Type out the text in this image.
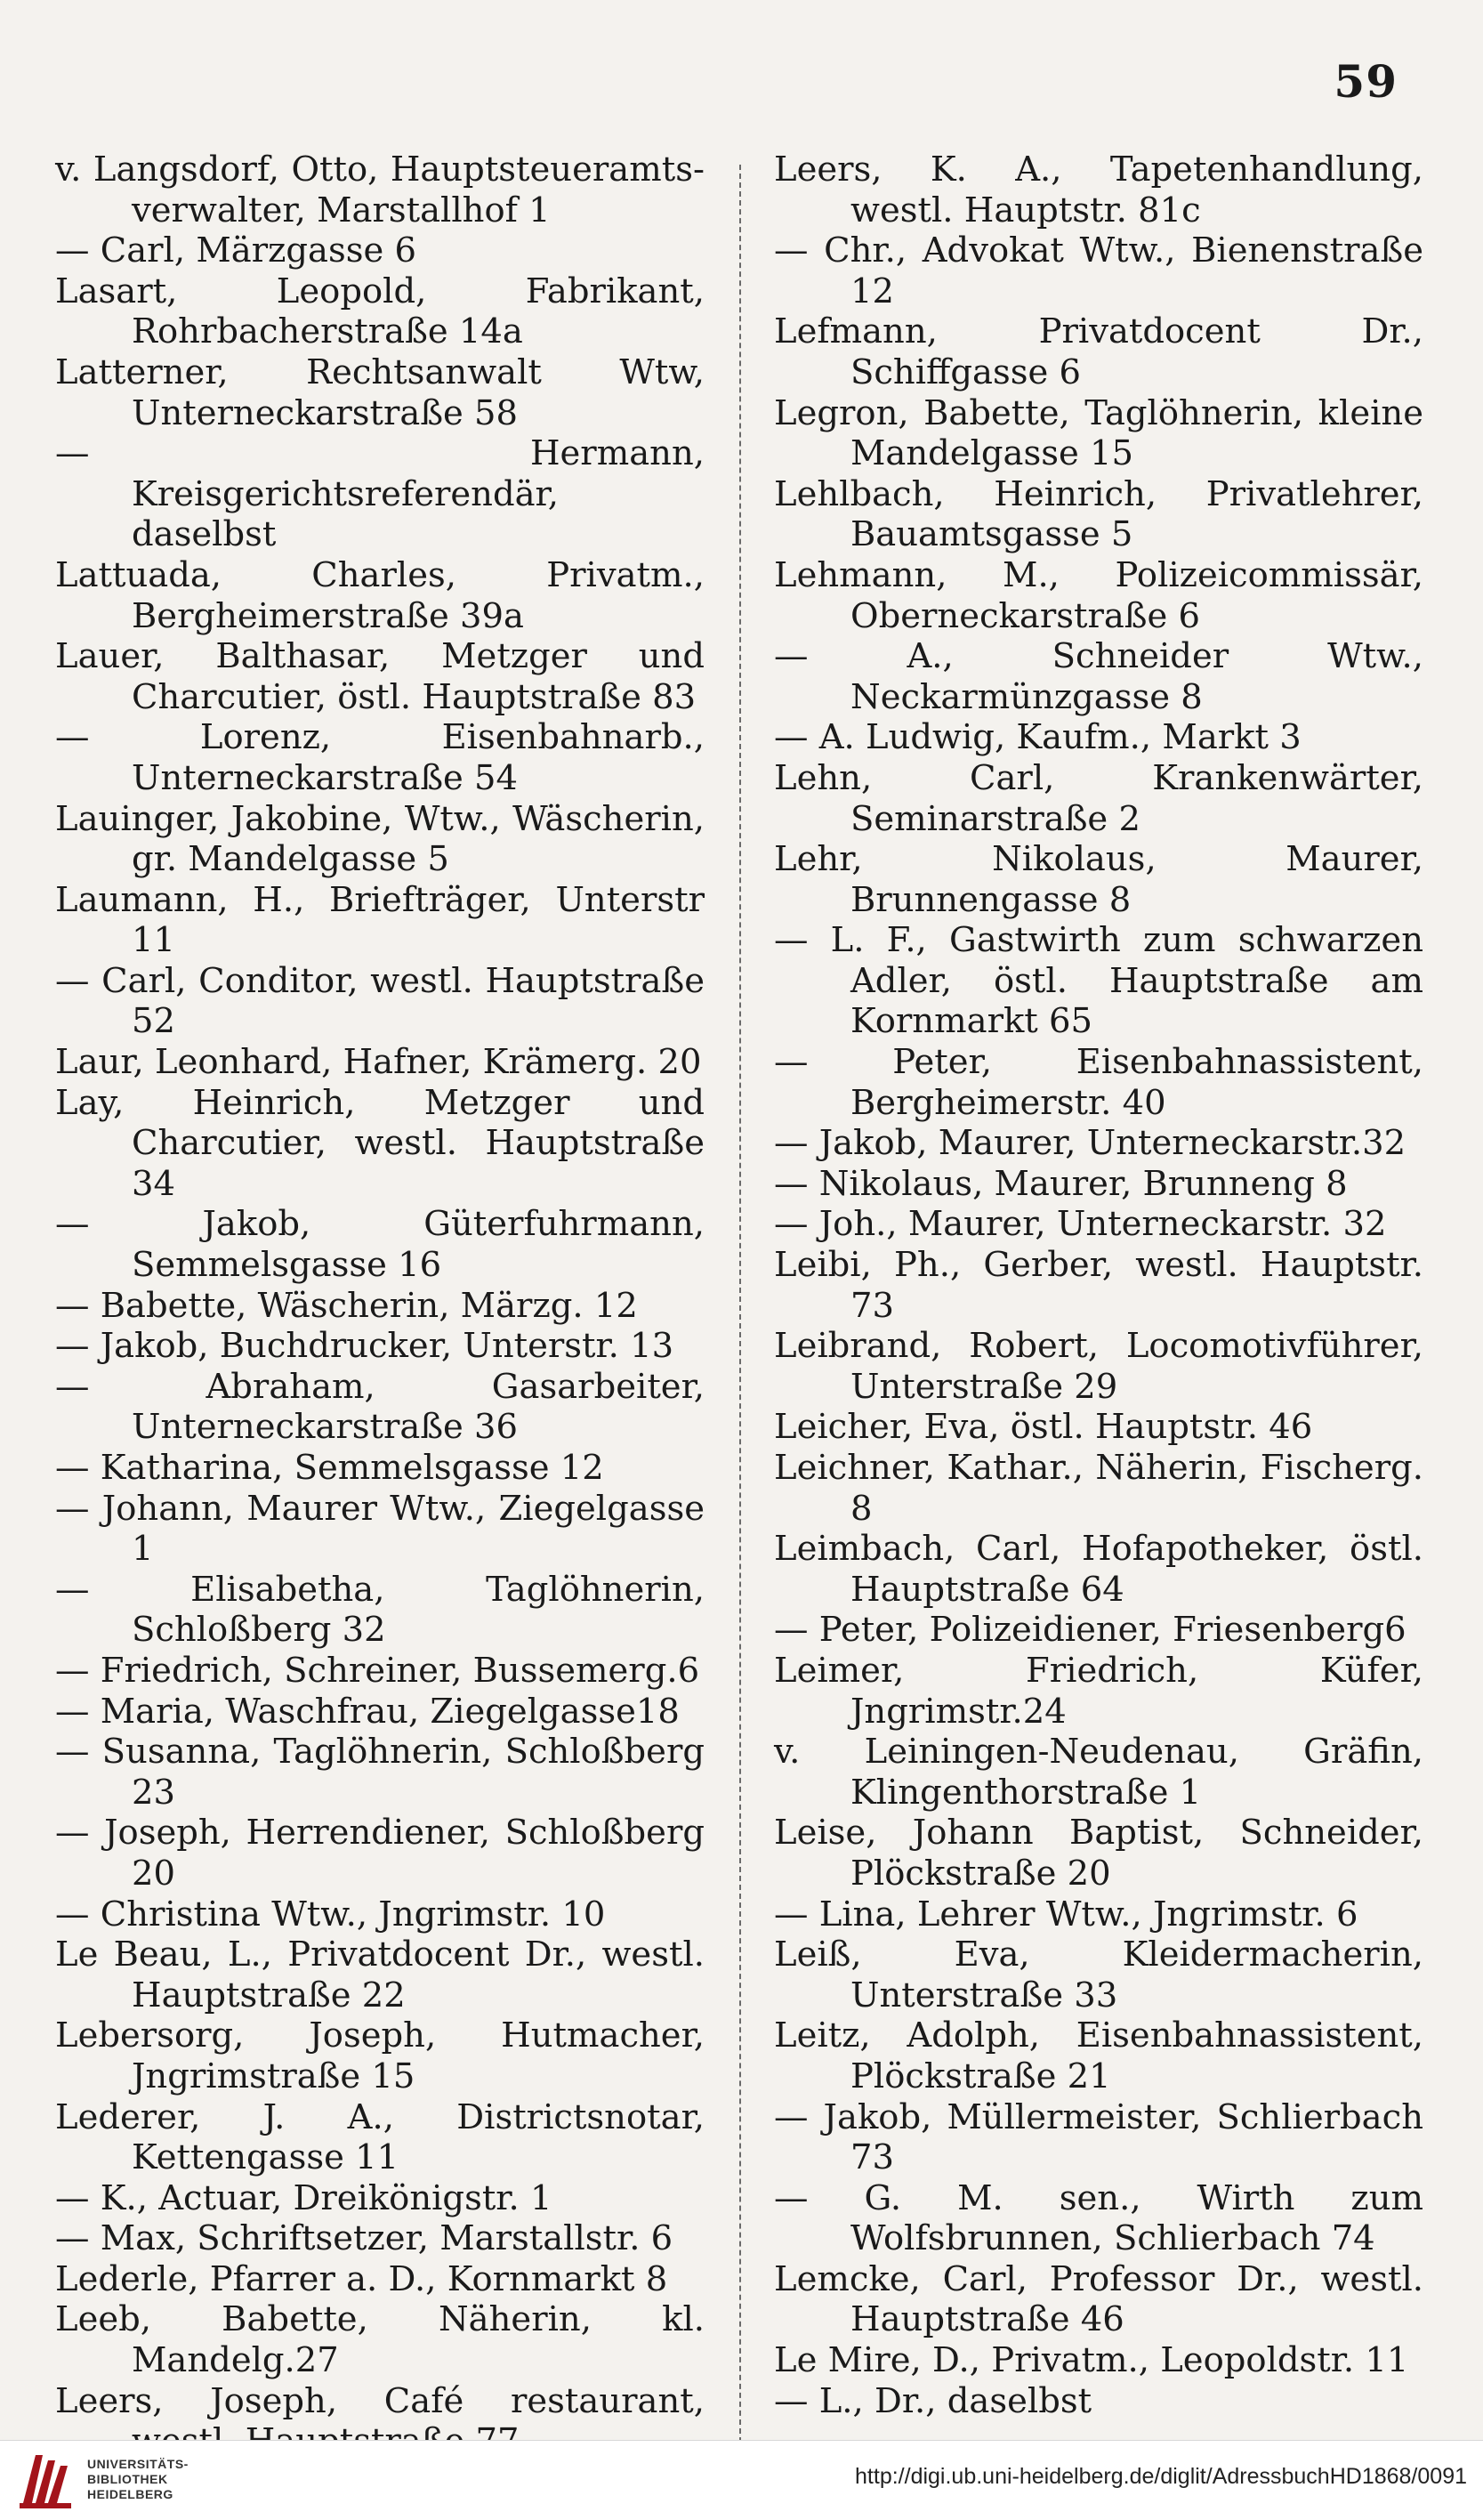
59
v. Langsdorf, Otto, Hauptsteueramts-verwalter, Marstallhof 1
— Carl, Märzgasse 6
Lasart, Leopold, Fabrikant, Rohrbacherstraße 14a
Latterner, Rechtsanwalt Wtw, Unterneckarstraße 58
— Hermann, Kreisgerichtsreferendär, daselbst
Lattuada, Charles, Privatm., Bergheimerstraße 39a
Lauer, Balthasar, Metzger und Charcutier, östl. Hauptstraße 83
— Lorenz, Eisenbahnarb., Unterneckarstraße 54
Lauinger, Jakobine, Wtw., Wäscherin, gr. Mandelgasse 5
Laumann, H., Briefträger, Unterstr 11
— Carl, Conditor, westl. Hauptstraße 52
Laur, Leonhard, Hafner, Krämerg. 20
Lay, Heinrich, Metzger und Charcutier, westl. Hauptstraße 34
— Jakob, Güterfuhrmann, Semmelsgasse 16
— Babette, Wäscherin, Märzg. 12
— Jakob, Buchdrucker, Unterstr. 13
— Abraham, Gasarbeiter, Unterneckarstraße 36
— Katharina, Semmelsgasse 12
— Johann, Maurer Wtw., Ziegelgasse 1
— Elisabetha, Taglöhnerin, Schloßberg 32
— Friedrich, Schreiner, Bussemerg.6
— Maria, Waschfrau, Ziegelgasse18
— Susanna, Taglöhnerin, Schloßberg 23
— Joseph, Herrendiener, Schloßberg 20
— Christina Wtw., Jngrimstr. 10
Le Beau, L., Privatdocent Dr., westl. Hauptstraße 22
Lebersorg, Joseph, Hutmacher, Jngrimstraße 15
Lederer, J. A., Districtsnotar, Kettengasse 11
— K., Actuar, Dreikönigstr. 1
— Max, Schriftsetzer, Marstallstr. 6
Lederle, Pfarrer a. D., Kornmarkt 8
Leeb, Babette, Näherin, kl. Mandelg.27
Leers, Joseph, Café restaurant,
Leers, K. A., Tapetenhandlung, westl. Hauptstr. 81c
— Chr., Advokat Wtw., Bienenstraße 12
Lefmann, Privatdocent Dr., Schiffgasse 6
Legron, Babette, Taglöhnerin, kleine Mandelgasse 15
Lehlbach, Heinrich, Privatlehrer, Bauamtsgasse 5
Lehmann, M., Polizeicommissär, Oberneckarstraße 6
— A., Schneider Wtw., Neckarmünzgasse 8
— A. Ludwig, Kaufm., Markt 3
Lehn, Carl, Krankenwärter, Seminarstraße 2
Lehr, Nikolaus, Maurer, Brunnengasse 8
— L. F., Gastwirth zum schwarzen Adler, östl. Hauptstraße am Kornmarkt 65
— Peter, Eisenbahnassistent, Bergheimerstr. 40
— Jakob, Maurer, Unterneckarstr.32
— Nikolaus, Maurer, Brunneng 8
— Joh., Maurer, Unterneckarstr. 32
Leibi, Ph., Gerber, westl. Hauptstr. 73
Leibrand, Robert, Locomotivführer, Unterstraße 29
Leicher, Eva, östl. Hauptstr. 46
Leichner, Kathar., Näherin, Fischerg. 8
Leimbach, Carl, Hofapotheker, östl. Hauptstraße 64
— Peter, Polizeidiener, Friesenberg6
Leimer, Friedrich, Küfer, Jngrimstr.24
v. Leiningen-Neudenau, Gräfin, Klingenthorstraße 1
Leise, Johann Baptist, Schneider, Plöckstraße 20
— Lina, Lehrer Wtw., Jngrimstr. 6
Leiß, Eva, Kleidermacherin, Unterstraße 33
Leitz, Adolph, Eisenbahnassistent, Plöckstraße 21
— Jakob, Müllermeister, Schlierbach 73
— G. M. sen., Wirth zum Wolfsbrunnen, Schlierbach 74
Lemcke, Carl, Professor Dr., westl. Hauptstraße 46
Le Mire, D., Privatm., Leopoldstr. 11
— L., Dr., daselbst
UNIVERSITÄTS-
BIBLIOTHEK
HEIDELBERG
http://digi.ub.uni-heidelberg.de/diglit/AdressbuchHD1868/0091
